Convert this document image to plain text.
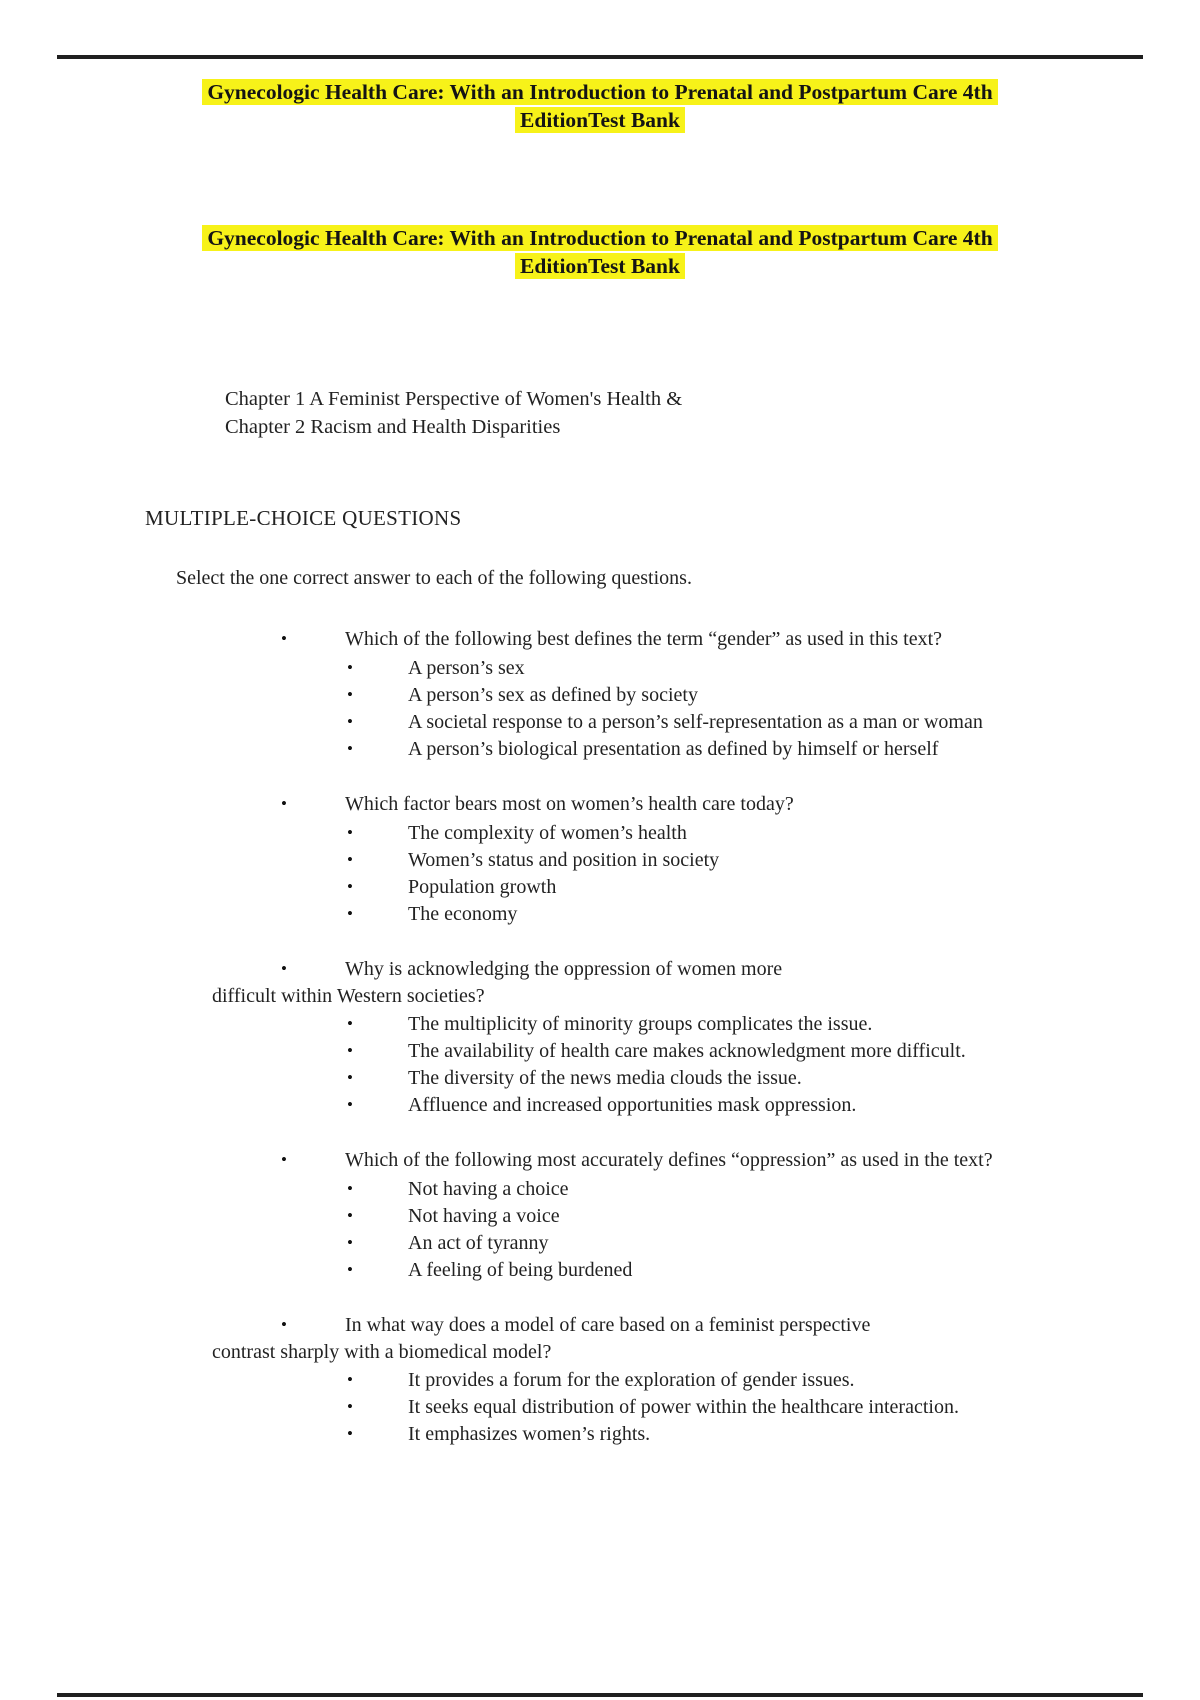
Gynecologic Health Care: With an Introduction to Prenatal and Postpartum Care 4th
EditionTest Bank
Gynecologic Health Care: With an Introduction to Prenatal and Postpartum Care 4th
EditionTest Bank
Chapter 1 A Feminist Perspective of Women's Health &
Chapter 2 Racism and Health Disparities
MULTIPLE-CHOICE QUESTIONS
Select the one correct answer to each of the following questions.
•	Which of the following best defines the term “gender” as used in this text?
•	A person’s sex
•	A person’s sex as defined by society
•	A societal response to a person’s self-representation as a man or woman
•	A person’s biological presentation as defined by himself or herself
•	Which factor bears most on women’s health care today?
•	The complexity of women’s health
•	Women’s status and position in society
•	Population growth
•	The economy
•	Why is acknowledging the oppression of women more
difficult within Western societies?
•	The multiplicity of minority groups complicates the issue.
•	The availability of health care makes acknowledgment more difficult.
•	The diversity of the news media clouds the issue.
•	Affluence and increased opportunities mask oppression.
•	Which of the following most accurately defines “oppression” as used in the text?
•	Not having a choice
•	Not having a voice
•	An act of tyranny
•	A feeling of being burdened
•	In what way does a model of care based on a feminist perspective
contrast sharply with a biomedical model?
•	It provides a forum for the exploration of gender issues.
•	It seeks equal distribution of power within the healthcare interaction.
•	It emphasizes women’s rights.
